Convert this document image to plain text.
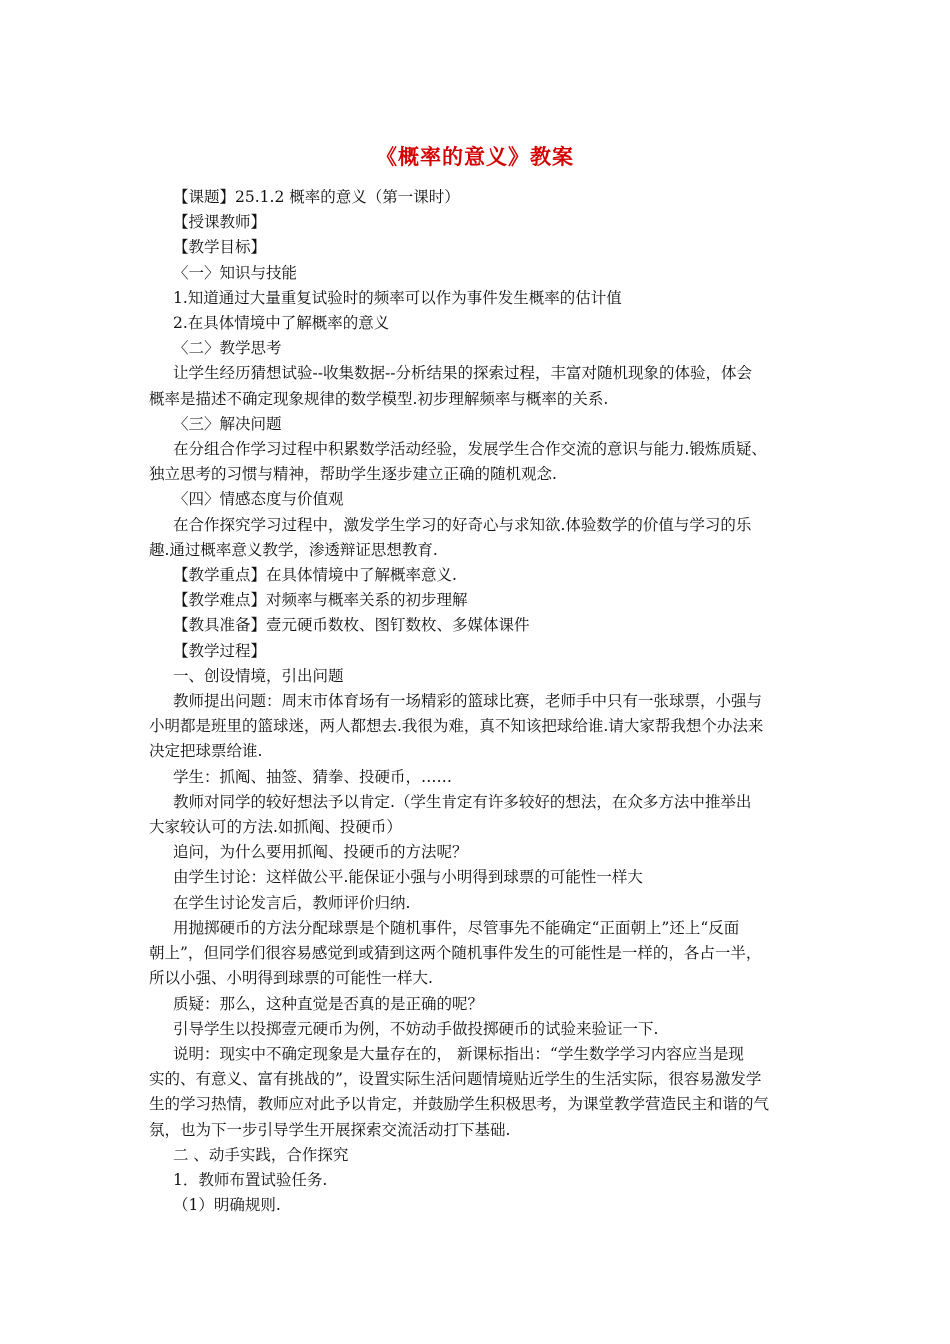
《概率的意义》教案

【课题】25.1.2 概率的意义（第一课时）

【授课教师】

【教学目标】

〈一〉知识与技能

1.知道通过大量重复试验时的频率可以作为事件发生概率的估计值

2.在具体情境中了解概率的意义

〈二〉教学思考

让学生经历猜想试验--收集数据--分析结果的探索过程，丰富对随机现象的体验，体会

概率是描述不确定现象规律的数学模型.初步理解频率与概率的关系.

〈三〉解决问题

在分组合作学习过程中积累数学活动经验，发展学生合作交流的意识与能力.锻炼质疑、

独立思考的习惯与精神，帮助学生逐步建立正确的随机观念.

〈四〉情感态度与价值观

在合作探究学习过程中，激发学生学习的好奇心与求知欲.体验数学的价值与学习的乐

趣.通过概率意义教学，渗透辩证思想教育.

【教学重点】在具体情境中了解概率意义.

【教学难点】对频率与概率关系的初步理解

【教具准备】壹元硬币数枚、图钉数枚、多媒体课件

【教学过程】

一、创设情境，引出问题

教师提出问题：周末市体育场有一场精彩的篮球比赛，老师手中只有一张球票，小强与

小明都是班里的篮球迷，两人都想去.我很为难，真不知该把球给谁.请大家帮我想个办法来

决定把球票给谁.

学生：抓阄、抽签、猜拳、投硬币，……

教师对同学的较好想法予以肯定.（学生肯定有许多较好的想法，在众多方法中推举出

大家较认可的方法.如抓阄、投硬币）

追问，为什么要用抓阄、投硬币的方法呢？

由学生讨论：这样做公平.能保证小强与小明得到球票的可能性一样大

在学生讨论发言后，教师评价归纳.

用抛掷硬币的方法分配球票是个随机事件，尽管事先不能确定“正面朝上”还上“反面

朝上”，但同学们很容易感觉到或猜到这两个随机事件发生的可能性是一样的，各占一半，

所以小强、小明得到球票的可能性一样大.

质疑：那么，这种直觉是否真的是正确的呢？

引导学生以投掷壹元硬币为例，不妨动手做投掷硬币的试验来验证一下.

说明：现实中不确定现象是大量存在的， 新课标指出：“学生数学学习内容应当是现

实的、有意义、富有挑战的”，设置实际生活问题情境贴近学生的生活实际，很容易激发学

生的学习热情，教师应对此予以肯定，并鼓励学生积极思考，为课堂教学营造民主和谐的气

氛，也为下一步引导学生开展探索交流活动打下基础.

二 、动手实践，合作探究

1．教师布置试验任务.

（1）明确规则.
